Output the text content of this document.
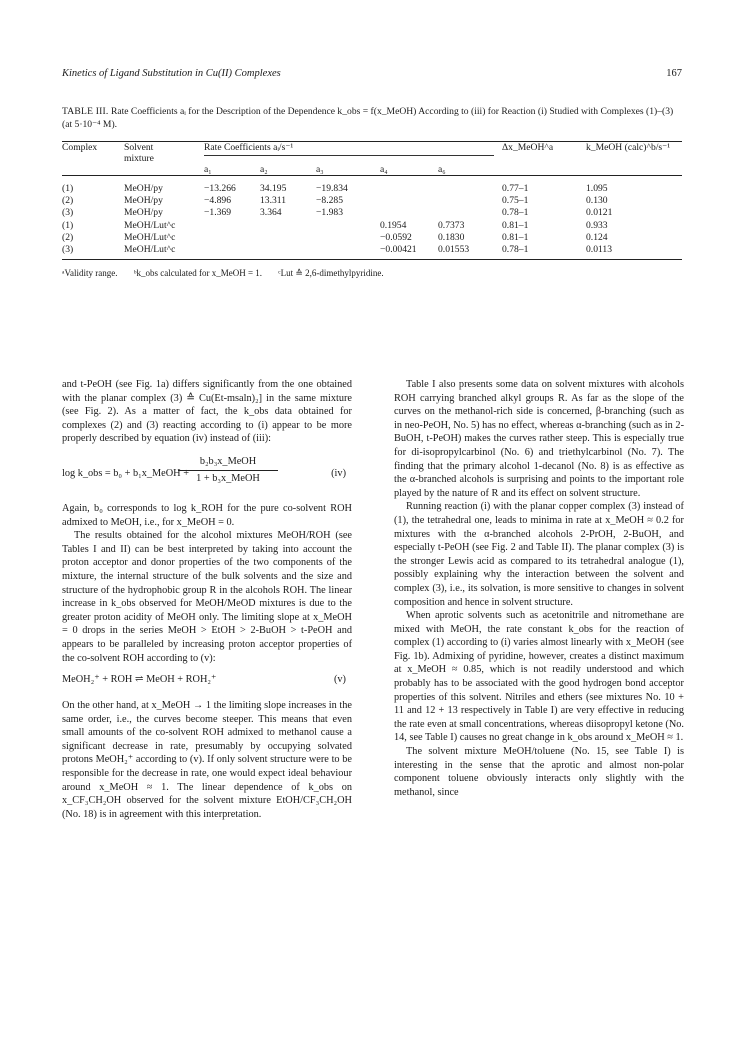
Kinetics of Ligand Substitution in Cu(II) Complexes	167
TABLE III. Rate Coefficients aᵢ for the Description of the Dependence k_obs = f(x_MeOH) According to (iii) for Reaction (i) Studied with Complexes (1)–(3) (at 5·10⁻⁴ M).
Complex	Solvent
mixture	Rate Coefficients aᵢ/s⁻¹					Δx_MeOH^a	k_MeOH (calc)^b/s⁻¹
		a₁	a₂	a₃	a₄	a₆		
(1)	MeOH/py	−13.266	34.195	−19.834			0.77–1	1.095
(2)	MeOH/py	−4.896	13.311	−8.285			0.75–1	0.130
(3)	MeOH/py	−1.369	3.364	−1.983			0.78–1	0.0121
(1)	MeOH/Lut^c				0.1954	0.7373	0.81–1	0.933
(2)	MeOH/Lut^c				−0.0592	0.1830	0.81–1	0.124
(3)	MeOH/Lut^c				−0.00421	0.01553	0.78–1	0.0113
ᵃValidity range. ᵇk_obs calculated for x_MeOH = 1. ᶜLut ≙ 2,6-dimethylpyridine.

and t-PeOH (see Fig. 1a) differs significantly from the one obtained with the planar complex (3) ≙ Cu(Et-msaln)₂] in the same mixture (see Fig. 2). As a matter of fact, the k_obs data obtained for complexes (2) and (3) reacting according to (i) appear to be more properly described by equation (iv) instead of (iii):

log k_obs = b₀ + b₁x_MeOH +
b₂b₃x_MeOH
1 + b₃x_MeOH	(iv)

Again, b₀ corresponds to log k_ROH for the pure co-solvent ROH admixed to MeOH, i.e., for x_MeOH = 0.

The results obtained for the alcohol mixtures MeOH/ROH (see Tables I and II) can be best interpreted by taking into account the proton acceptor and donor properties of the two components of the mixture, the internal structure of the bulk solvents and the size and structure of the hydrophobic group R in the alcohols ROH. The linear increase in k_obs observed for MeOH/MeOD mixtures is due to the greater proton acidity of MeOH only. The limiting slope at x_MeOH = 0 drops in the series MeOH > EtOH > 2-BuOH > t-PeOH and appears to be paralleled by increasing proton acceptor properties of the co-solvent ROH according to (v):

MeOH₂⁺ + ROH ⇌ MeOH + ROH₂⁺	(v)

On the other hand, at x_MeOH → 1 the limiting slope increases in the same order, i.e., the curves become steeper. This means that even small amounts of the co-solvent ROH admixed to methanol cause a significant decrease in rate, presumably by occupying solvated protons MeOH₂⁺ according to (v). If only solvent structure were to be responsible for the decrease in rate, one would expect ideal behaviour around x_MeOH ≈ 1. The linear dependence of k_obs on x_CF₃CH₂OH observed for the solvent mixture EtOH/CF₃CH₂OH (No. 18) is in agreement with this interpretation.

Table I also presents some data on solvent mixtures with alcohols ROH carrying branched alkyl groups R. As far as the slope of the curves on the methanol-rich side is concerned, β-branching (such as in neo-PeOH, No. 5) has no effect, whereas α-branching (such as in 2-BuOH, t-PeOH) makes the curves rather steep. This is especially true for di-isopropylcarbinol (No. 6) and triethylcarbinol (No. 7). The finding that the primary alcohol 1-decanol (No. 8) is as effective as the α-branched alcohols is surprising and points to the important role played by the nature of R and its effect on solvent structure.

Running reaction (i) with the planar copper complex (3) instead of (1), the tetrahedral one, leads to minima in rate at x_MeOH ≈ 0.2 for mixtures with the α-branched alcohols 2-PrOH, 2-BuOH, and especially t-PeOH (see Fig. 2 and Table II). The planar complex (3) is the stronger Lewis acid as compared to its tetrahedral analogue (1), possibly explaining why the interaction between the solvent and complex (3), i.e., its solvation, is more sensitive to changes in solvent composition and hence in solvent structure.

When aprotic solvents such as acetonitrile and nitromethane are mixed with MeOH, the rate constant k_obs for the reaction of complex (1) according to (i) varies almost linearly with x_MeOH (see Fig. 1b). Admixing of pyridine, however, creates a distinct maximum at x_MeOH ≈ 0.85, which is not readily understood and which probably has to be associated with the good hydrogen bond acceptor properties of this solvent. Nitriles and ethers (see mixtures No. 10 + 11 and 12 + 13 respectively in Table I) are very effective in reducing the rate even at small concentrations, whereas diisopropyl ketone (No. 14, see Table I) causes no great change in k_obs around x_MeOH ≈ 1.

The solvent mixture MeOH/toluene (No. 15, see Table I) is interesting in the sense that the aprotic and almost non-polar component toluene obviously interacts only slightly with the methanol, since
